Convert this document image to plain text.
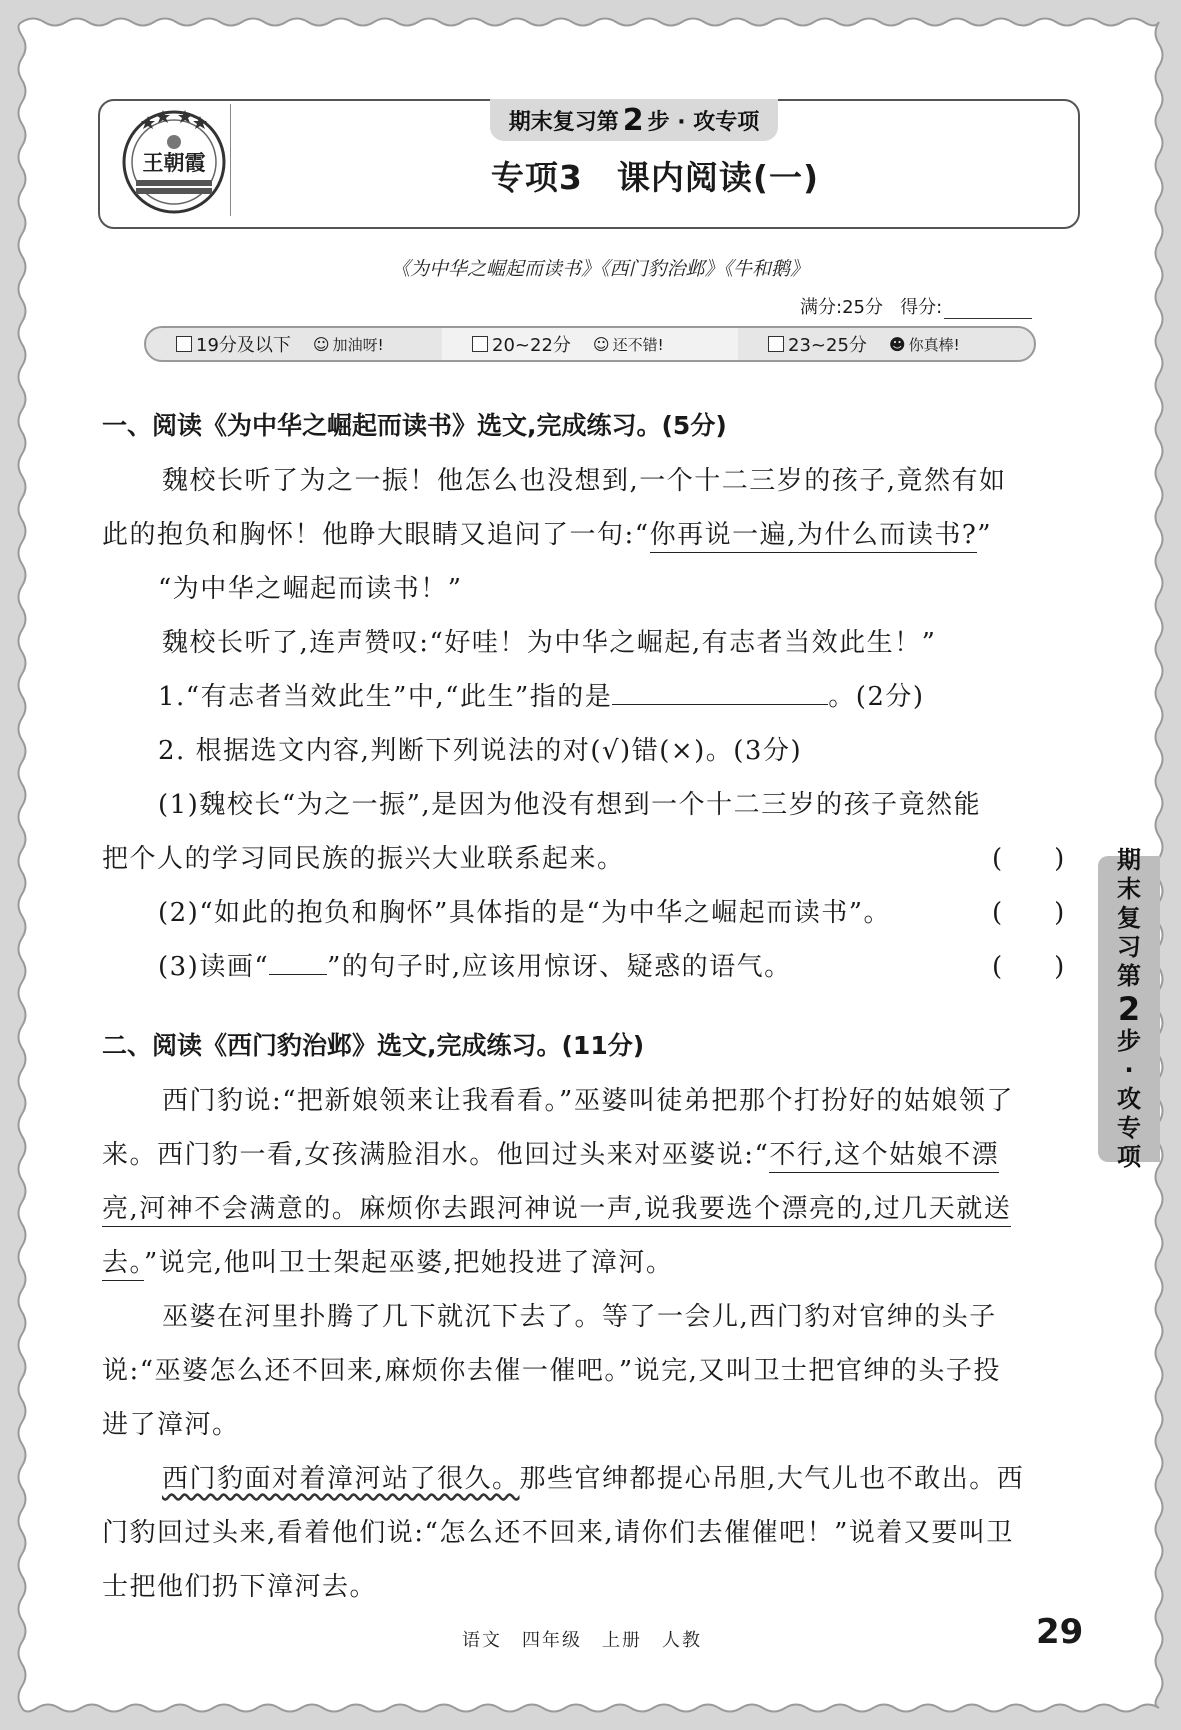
王朝霞
期末复习第 2 步 · 攻专项
专项3 课内阅读(一)
《为中华之崛起而读书》《西门豹治邺》《牛和鹅》
满分:25分 得分:
19分及以下 ☺ 加油呀!	20~22分 ☺ 还不错!	23~25分 ☻ 你真棒!
一、阅读《为中华之崛起而读书》选文,完成练习。(5分)
魏校长听了为之一振！他怎么也没想到,一个十二三岁的孩子,竟然有如
此的抱负和胸怀！他睁大眼睛又追问了一句:“你再说一遍,为什么而读书?”
“为中华之崛起而读书！”
魏校长听了,连声赞叹:“好哇！为中华之崛起,有志者当效此生！”
1.“有志者当效此生”中,“此生”指的是	。(2分)
2. 根据选文内容,判断下列说法的对(√)错(×)。(3分)
(1)魏校长“为之一振”,是因为他没有想到一个十二三岁的孩子竟然能
把个人的学习同民族的振兴大业联系起来。	(　　)
(2)“如此的抱负和胸怀”具体指的是“为中华之崛起而读书”。	(　　)
(3)读画“ ”的句子时,应该用惊讶、疑惑的语气。	(　　)
二、阅读《西门豹治邺》选文,完成练习。(11分)
西门豹说:“把新娘领来让我看看。”巫婆叫徒弟把那个打扮好的姑娘领了
来。西门豹一看,女孩满脸泪水。他回过头来对巫婆说:“不行,这个姑娘不漂
亮,河神不会满意的。麻烦你去跟河神说一声,说我要选个漂亮的,过几天就送
去。”说完,他叫卫士架起巫婆,把她投进了漳河。
巫婆在河里扑腾了几下就沉下去了。等了一会儿,西门豹对官绅的头子
说:“巫婆怎么还不回来,麻烦你去催一催吧。”说完,又叫卫士把官绅的头子投
进了漳河。
西门豹面对着漳河站了很久。那些官绅都提心吊胆,大气儿也不敢出。西
门豹回过头来,看着他们说:“怎么还不回来,请你们去催催吧！”说着又要叫卫
士把他们扔下漳河去。
期
末
复
习
第
2
步
·
攻
专
项
语文 四年级 上册 人教	29
